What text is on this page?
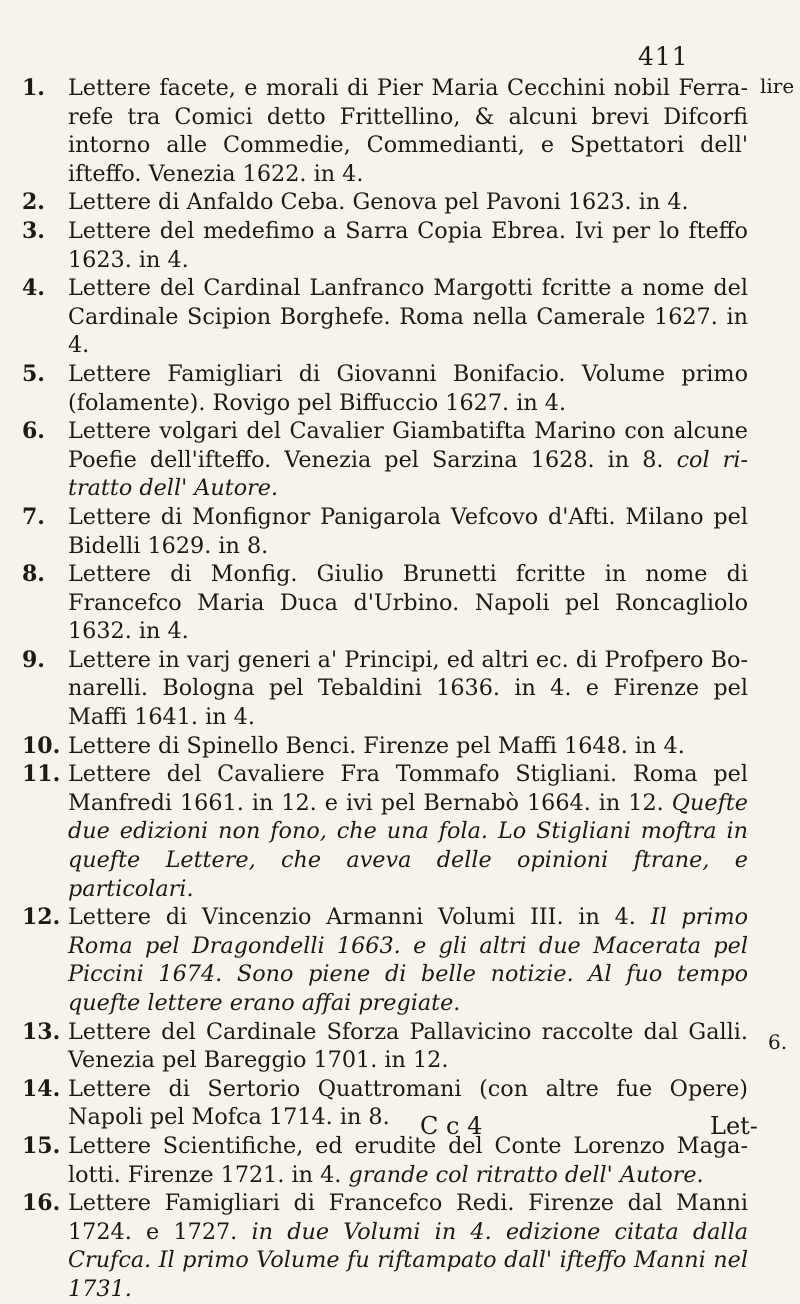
411
lire

1.	Lettere facete, e morali di Pier Maria Cecchini nobil Ferra-refe tra Comici detto Frittellino, & alcuni brevi Difcorfi intorno alle Commedie, Commedianti, e Spettatori dell' ifteffo. Venezia 1622. in 4.

2.	Lettere di Anfaldo Ceba. Genova pel Pavoni 1623. in 4.

3.	Lettere del medefimo a Sarra Copia Ebrea. Ivi per lo fteffo 1623. in 4.

4.	Lettere del Cardinal Lanfranco Margotti fcritte a nome del Cardinale Scipion Borghefe. Roma nella Camerale 1627. in 4.

5.	Lettere Famigliari di Giovanni Bonifacio. Volume primo (folamente). Rovigo pel Biffuccio 1627. in 4.

6.	Lettere volgari del Cavalier Giambatifta Marino con alcune Poefie dell'ifteffo. Venezia pel Sarzina 1628. in 8. col ri-tratto dell' Autore.

7.	Lettere di Monfignor Panigarola Vefcovo d'Afti. Milano pel Bidelli 1629. in 8.

8.	Lettere di Monfig. Giulio Brunetti fcritte in nome di Francefco Maria Duca d'Urbino. Napoli pel Roncagliolo 1632. in 4.

9.	Lettere in varj generi a' Principi, ed altri ec. di Profpero Bo-narelli. Bologna pel Tebaldini 1636. in 4. e Firenze pel Maffi 1641. in 4.

10. Lettere di Spinello Benci. Firenze pel Maffi 1648. in 4.

11. Lettere del Cavaliere Fra Tommafo Stigliani. Roma pel Manfredi 1661. in 12. e ivi pel Bernabò 1664. in 12. Quefte due edizioni non fono, che una fola. Lo Stigliani moftra in quefte Lettere, che aveva delle opinioni ftrane, e particolari.

12. Lettere di Vincenzio Armanni Volumi III. in 4. Il primo Roma pel Dragondelli 1663. e gli altri due Macerata pel Piccini 1674. Sono piene di belle notizie. Al fuo tempo quefte lettere erano affai pregiate.

13. Lettere del Cardinale Sforza Pallavicino raccolte dal Galli. Venezia pel Bareggio 1701. in 12.

14. Lettere di Sertorio Quattromani (con altre fue Opere) Napoli pel Mofca 1714. in 8.

15. Lettere Scientifiche, ed erudite del Conte Lorenzo Maga-lotti. Firenze 1721. in 4. grande col ritratto dell' Autore.

16. Lettere Famigliari di Francefco Redi. Firenze dal Manni 1724. e 1727. in due Volumi in 4. edizione citata dalla Crufca. Il primo Volume fu riftampato dall' ifteffo Manni nel 1731.

6.
C c 4	Let-
